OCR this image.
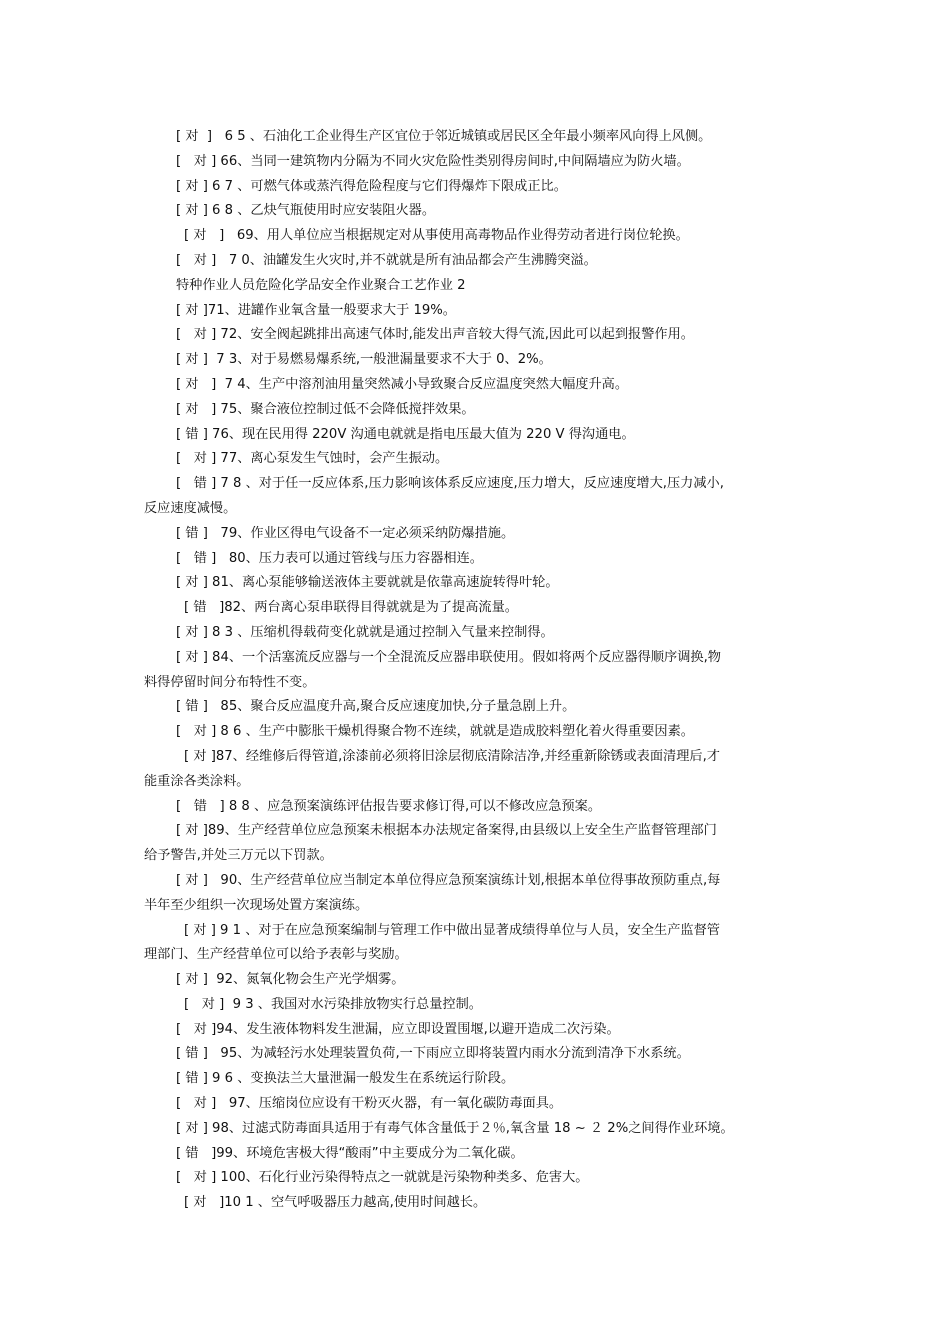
[ 对  ]   6 5 、石油化工企业得生产区宜位于邻近城镇或居民区全年最小频率风向得上风侧。
[   对 ] 66、当同一建筑物内分隔为不同火灾危险性类别得房间时,中间隔墙应为防火墙。
[ 对 ] 6 7 、可燃气体或蒸汽得危险程度与它们得爆炸下限成正比。
[ 对 ] 6 8 、乙炔气瓶使用时应安装阻火器。
[ 对   ]   69、用人单位应当根据规定对从事使用高毒物品作业得劳动者进行岗位轮换。
[   对 ]   7 0、油罐发生火灾时,并不就就是所有油品都会产生沸腾突溢。
特种作业人员危险化学品安全作业聚合工艺作业 2
[ 对 ]71、进罐作业氧含量一般要求大于 19%。
[   对 ] 72、安全阀起跳排出高速气体时,能发出声音较大得气流,因此可以起到报警作用。
[ 对 ]  7 3、对于易燃易爆系统,一般泄漏量要求不大于 0、2%。
[ 对   ]  7 4、生产中溶剂油用量突然减小导致聚合反应温度突然大幅度升高。
[ 对   ] 75、聚合液位控制过低不会降低搅拌效果。
[ 错 ] 76、现在民用得 220V 沟通电就就是指电压最大值为 220 V 得沟通电。
[   对 ] 77、离心泵发生气蚀时，会产生振动。
[   错 ] 7 8 、对于任一反应体系,压力影响该体系反应速度,压力增大，反应速度增大,压力减小,
反应速度减慢。
[ 错 ]   79、作业区得电气设备不一定必须采纳防爆措施。
[   错 ]   80、压力表可以通过管线与压力容器相连。
[ 对 ] 81、离心泵能够输送液体主要就就是依靠高速旋转得叶轮。
[ 错   ]82、两台离心泵串联得目得就就是为了提高流量。
[ 对 ] 8 3 、压缩机得载荷变化就就是通过控制入气量来控制得。
[ 对 ] 84、一个活塞流反应器与一个全混流反应器串联使用。假如将两个反应器得顺序调换,物
料得停留时间分布特性不变。
[ 错 ]   85、聚合反应温度升高,聚合反应速度加快,分子量急剧上升。
[   对 ] 8 6 、生产中膨胀干燥机得聚合物不连续，就就是造成胶料塑化着火得重要因素。
[ 对 ]87、经维修后得管道,涂漆前必须将旧涂层彻底清除洁净,并经重新除锈或表面清理后,才
能重涂各类涂料。
[   错   ] 8 8 、应急预案演练评估报告要求修订得,可以不修改应急预案。
[ 对 ]89、生产经营单位应急预案未根据本办法规定备案得,由县级以上安全生产监督管理部门
给予警告,并处三万元以下罚款。
[ 对 ]   90、生产经营单位应当制定本单位得应急预案演练计划,根据本单位得事故预防重点,每
半年至少组织一次现场处置方案演练。
[ 对 ] 9 1 、对于在应急预案编制与管理工作中做出显著成绩得单位与人员，安全生产监督管
理部门、生产经营单位可以给予表彰与奖励。
[ 对 ]  92、氮氧化物会生产光学烟雾。
[   对 ]  9 3 、我国对水污染排放物实行总量控制。
[   对 ]94、发生液体物料发生泄漏，应立即设置围堰,以避开造成二次污染。
[ 错 ]   95、为减轻污水处理装置负荷,一下雨应立即将装置内雨水分流到清净下水系统。
[ 错 ] 9 6 、变换法兰大量泄漏一般发生在系统运行阶段。
[   对 ]   97、压缩岗位应设有干粉灭火器，有一氧化碳防毒面具。
[ 对 ] 98、过滤式防毒面具适用于有毒气体含量低于２％,氧含量 18 ~ ２ 2%之间得作业环境。
[ 错   ]99、环境危害极大得“酸雨”中主要成分为二氧化碳。
[   对 ] 100、石化行业污染得特点之一就就是污染物种类多、危害大。
[ 对   ]10 1 、空气呼吸器压力越高,使用时间越长。
